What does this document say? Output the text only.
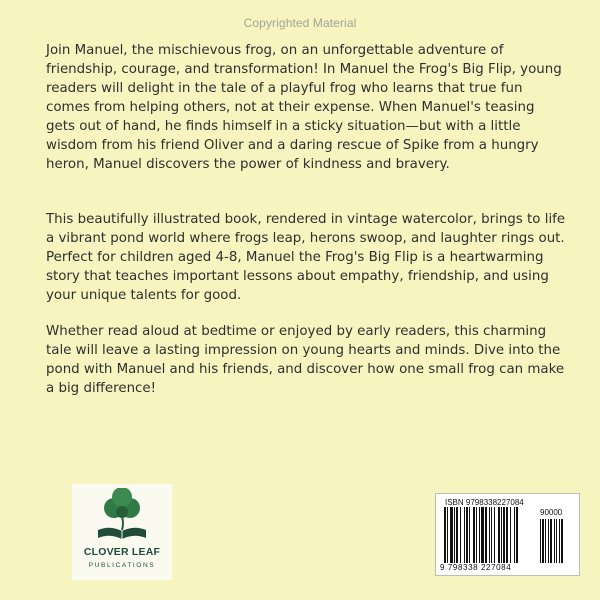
Copyrighted Material

Join Manuel, the mischievous frog, on an unforgettable adventure of friendship, courage, and transformation! In Manuel the Frog's Big Flip, young readers will delight in the tale of a playful frog who learns that true fun comes from helping others, not at their expense. When Manuel's teasing gets out of hand, he finds himself in a sticky situation—but with a little wisdom from his friend Oliver and a daring rescue of Spike from a hungry heron, Manuel discovers the power of kindness and bravery.

This beautifully illustrated book, rendered in vintage watercolor, brings to life a vibrant pond world where frogs leap, herons swoop, and laughter rings out. Perfect for children aged 4-8, Manuel the Frog's Big Flip is a heartwarming story that teaches important lessons about empathy, friendship, and using your unique talents for good.

Whether read aloud at bedtime or enjoyed by early readers, this charming tale will leave a lasting impression on young hearts and minds. Dive into the pond with Manuel and his friends, and discover how one small frog can make a big difference!

CLOVER LEAF
PUBLICATIONS
ISBN 9798338227084
90000
9 798338 227084
